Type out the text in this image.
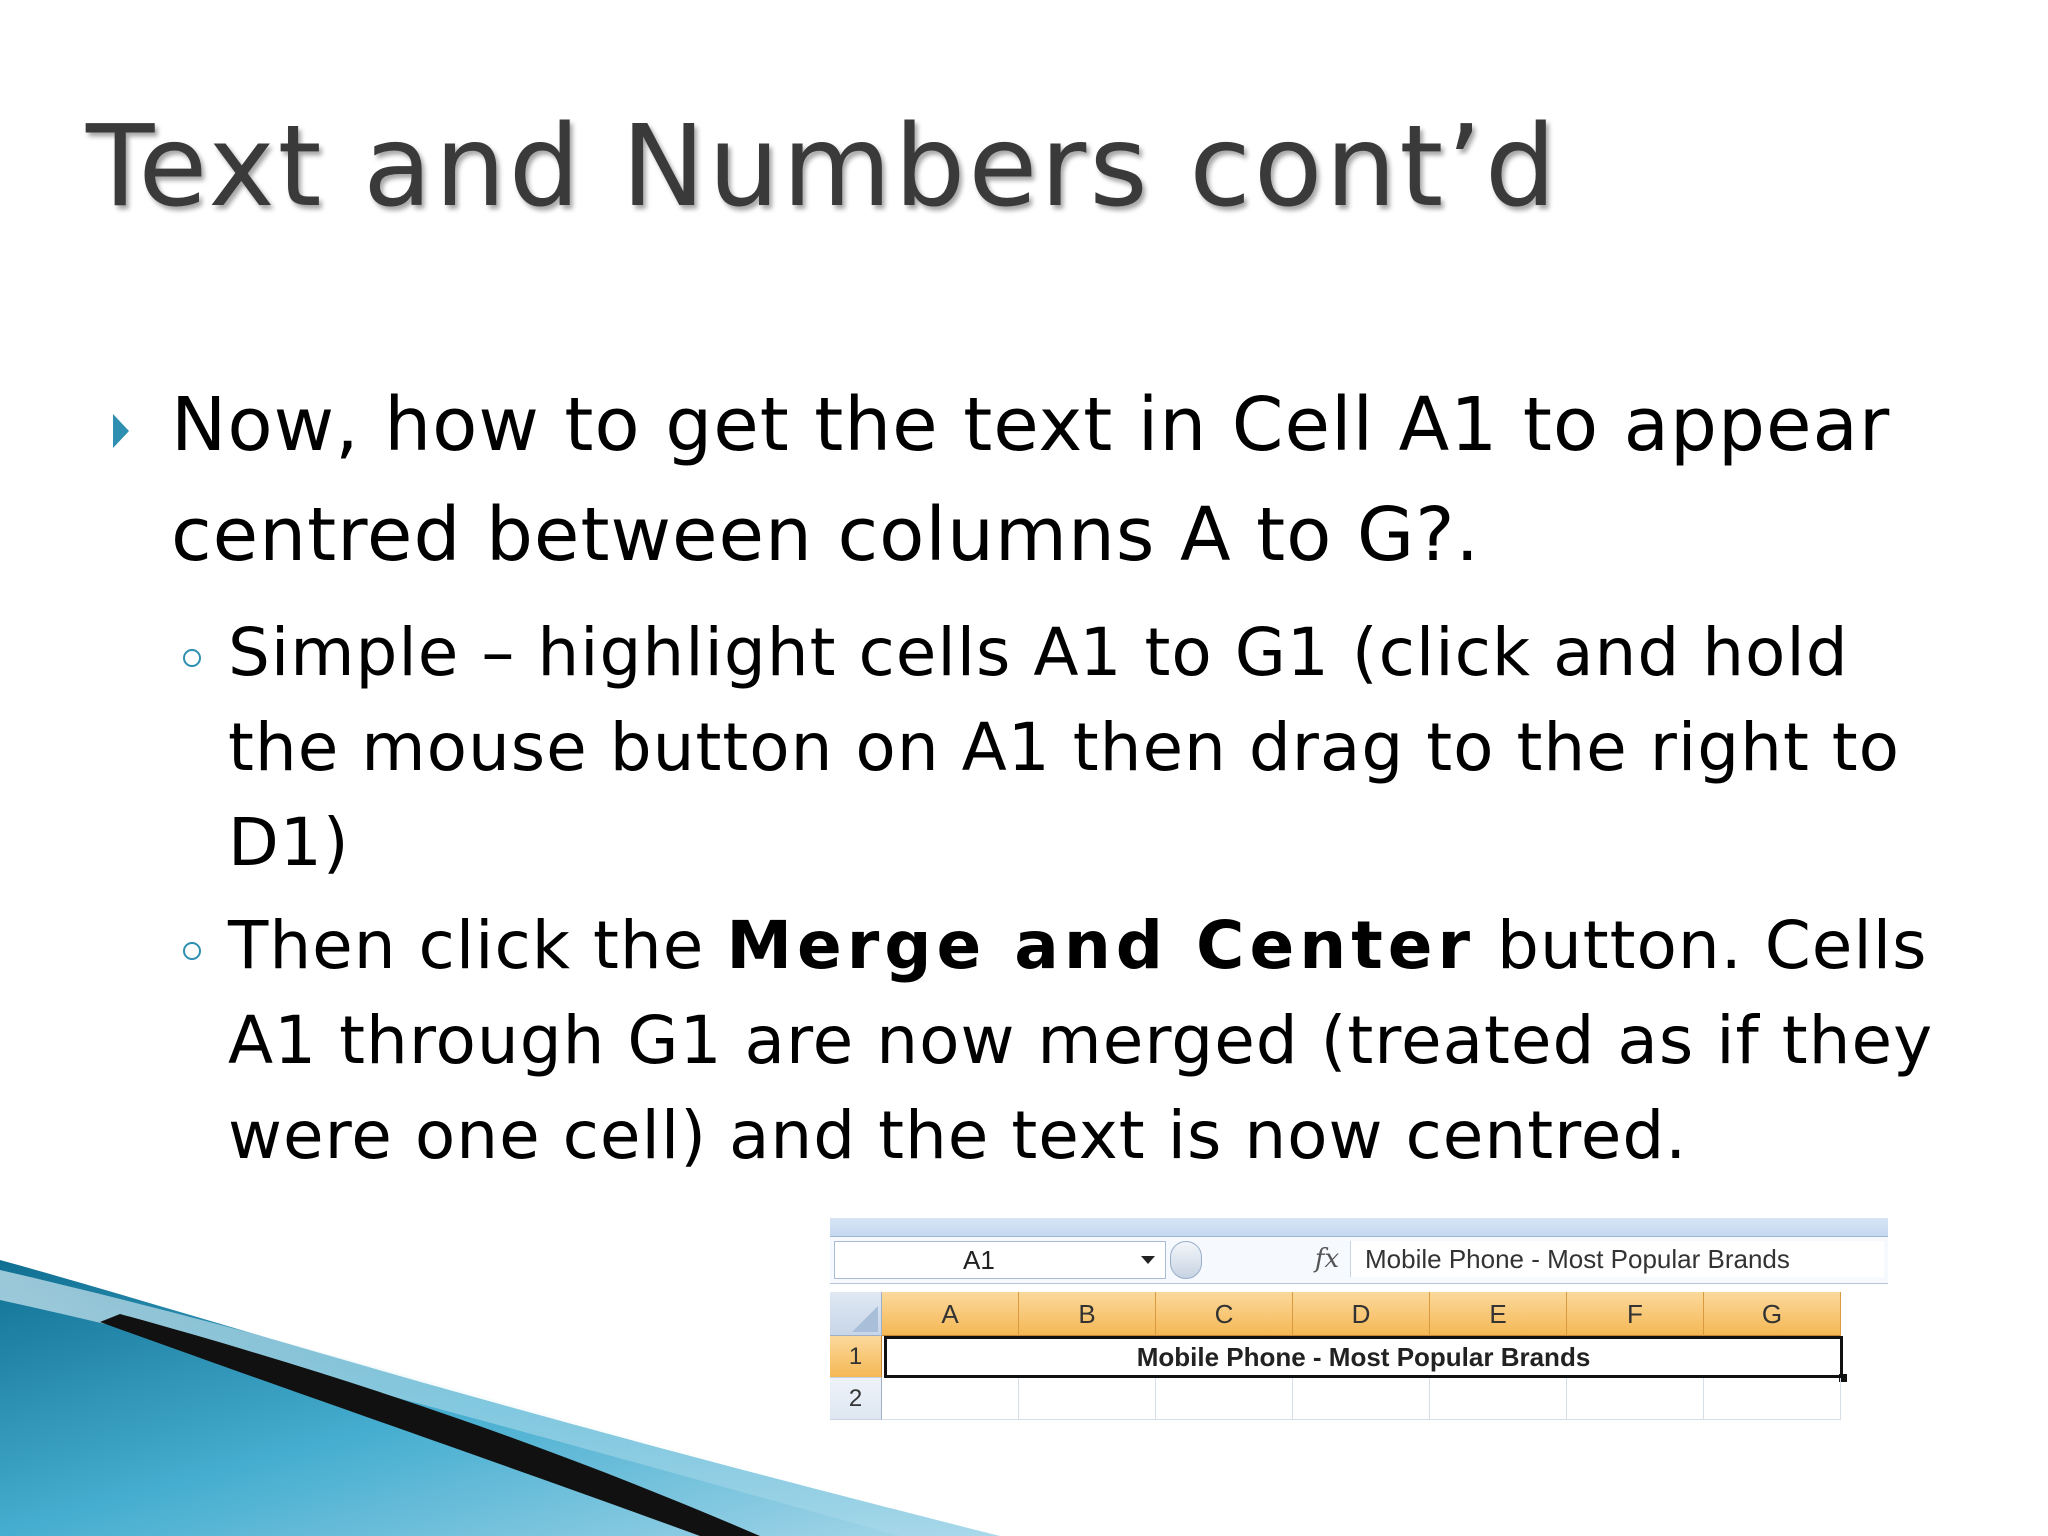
Text and Numbers cont’d
Now, how to get the text in Cell A1 to appear centred between columns A to G?.
Simple – highlight cells A1 to G1 (click and hold the mouse button on A1 then drag to the right to D1)
Then click the Merge and Center button. Cells A1 through G1 are now merged (treated as if they were one cell) and the text is now centred.
A1	fx Mobile Phone - Most Popular Brands
A	B	C	D	E	F	G
1	Mobile Phone - Most Popular Brands
2
